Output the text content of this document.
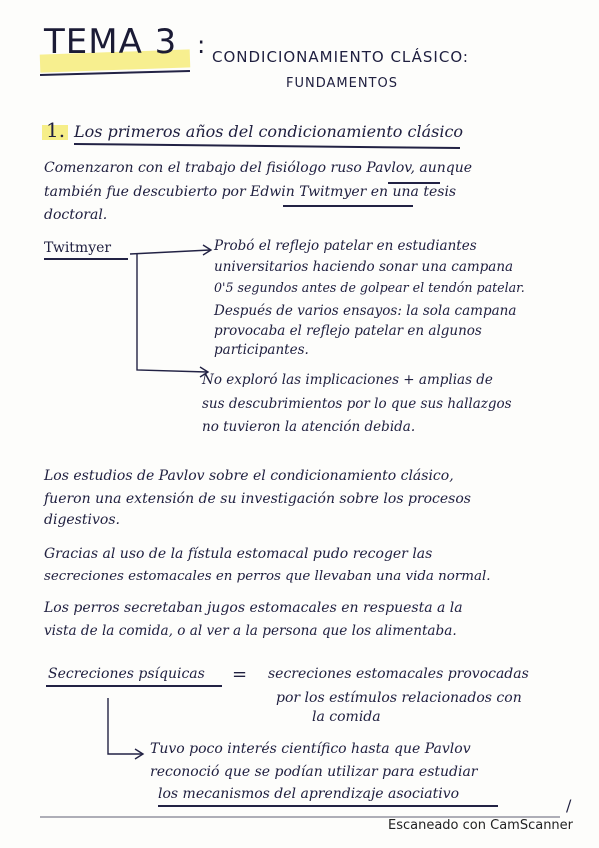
TEMA 3 : CONDICIONAMIENTO CLÁSICO:
FUNDAMENTOS
1. Los primeros años del condicionamiento clásico
Comenzaron con el trabajo del fisiólogo ruso Pavlov, aunque
también fue descubierto por Edwin Twitmyer en una tesis
doctoral.
Twitmyer	Probó el reflejo patelar en estudiantes
universitarios haciendo sonar una campana
0'5 segundos antes de golpear el tendón patelar.
Después de varios ensayos: la sola campana
provocaba el reflejo patelar en algunos
participantes.
No exploró las implicaciones + amplias de
sus descubrimientos por lo que sus hallazgos
no tuvieron la atención debida.
Los estudios de Pavlov sobre el condicionamiento clásico,
fueron una extensión de su investigación sobre los procesos
digestivos.
Gracias al uso de la fístula estomacal pudo recoger las
secreciones estomacales en perros que llevaban una vida normal.
Los perros secretaban jugos estomacales en respuesta a la
vista de la comida, o al ver a la persona que los alimentaba.
Secreciones psíquicas = secreciones estomacales provocadas
por los estímulos relacionados con
la comida
Tuvo poco interés científico hasta que Pavlov
reconoció que se podían utilizar para estudiar
los mecanismos del aprendizaje asociativo
/
Escaneado con CamScanner
